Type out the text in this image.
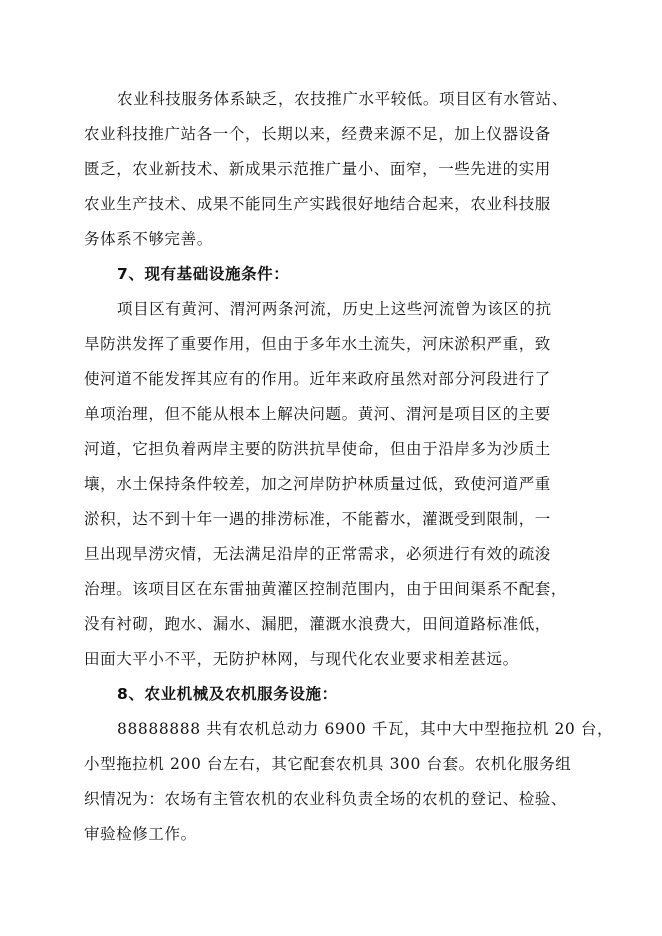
农业科技服务体系缺乏，农技推广水平较低。项目区有水管站、
农业科技推广站各一个，长期以来，经费来源不足，加上仪器设备
匮乏，农业新技术、新成果示范推广量小、面窄，一些先进的实用
农业生产技术、成果不能同生产实践很好地结合起来，农业科技服
务体系不够完善。
7、现有基础设施条件：
项目区有黄河、渭河两条河流，历史上这些河流曾为该区的抗
旱防洪发挥了重要作用，但由于多年水土流失，河床淤积严重，致
使河道不能发挥其应有的作用。近年来政府虽然对部分河段进行了
单项治理，但不能从根本上解决问题。黄河、渭河是项目区的主要
河道，它担负着两岸主要的防洪抗旱使命，但由于沿岸多为沙质土
壤，水土保持条件较差，加之河岸防护林质量过低，致使河道严重
淤积，达不到十年一遇的排涝标准，不能蓄水，灌溉受到限制，一
旦出现旱涝灾情，无法满足沿岸的正常需求，必须进行有效的疏浚
治理。该项目区在东雷抽黄灌区控制范围内，由于田间渠系不配套，
没有衬砌，跑水、漏水、漏肥，灌溉水浪费大，田间道路标准低，
田面大平小不平，无防护林网，与现代化农业要求相差甚远。
8、农业机械及农机服务设施：
88888888 共有农机总动力 6900 千瓦，其中大中型拖拉机 20 台，
小型拖拉机 200 台左右，其它配套农机具 300 台套。农机化服务组
织情况为：农场有主管农机的农业科负责全场的农机的登记、检验、
审验检修工作。
